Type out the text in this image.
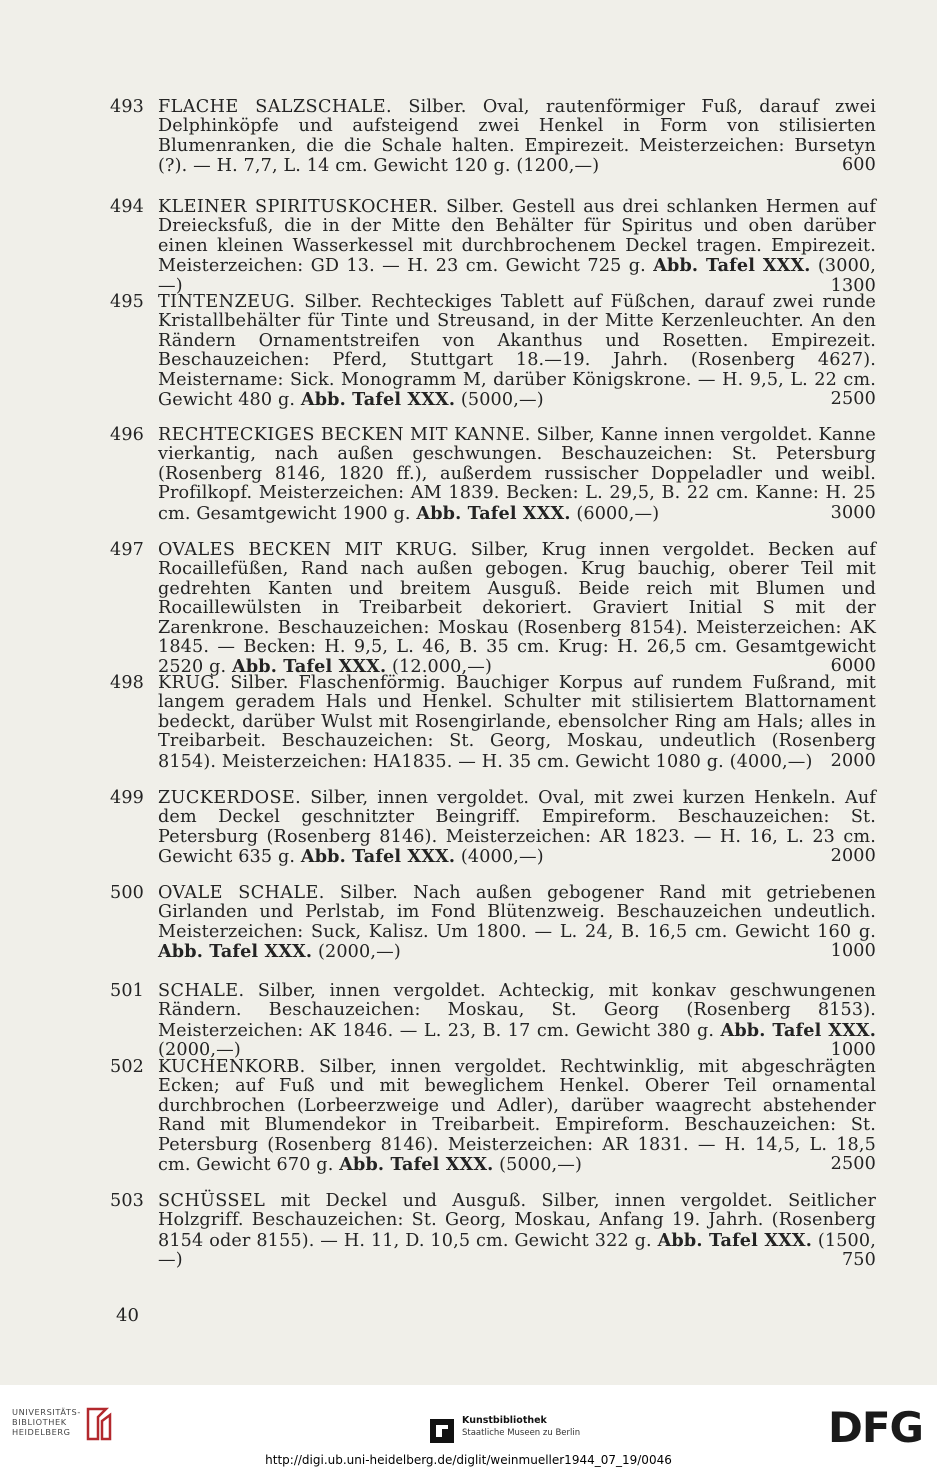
493 FLACHE SALZSCHALE. Silber. Oval, rautenförmiger Fuß, darauf zwei Delphinköpfe und aufsteigend zwei Henkel in Form von stilisierten Blumenranken, die die Schale halten. Empirezeit. Meisterzeichen: Bursetyn (?). — H. 7,7, L. 14 cm. Gewicht 120 g. (1200,—)	600
494 KLEINER SPIRITUSKOCHER. Silber. Gestell aus drei schlanken Hermen auf Dreiecksfuß, die in der Mitte den Behälter für Spiritus und oben darüber einen kleinen Wasserkessel mit durchbrochenem Deckel tragen. Empirezeit. Meisterzeichen: GD 13. — H. 23 cm. Gewicht 725 g. Abb. Tafel XXX. (3000,—)	1300
495 TINTENZEUG. Silber. Rechteckiges Tablett auf Füßchen, darauf zwei runde Kristallbehälter für Tinte und Streusand, in der Mitte Kerzenleuchter. An den Rändern Ornamentstreifen von Akanthus und Rosetten. Empirezeit. Beschauzeichen: Pferd, Stuttgart 18.—19. Jahrh. (Rosenberg 4627). Meistername: Sick. Monogramm M, darüber Königskrone. — H. 9,5, L. 22 cm. Gewicht 480 g. Abb. Tafel XXX. (5000,—)	2500
496 RECHTECKIGES BECKEN MIT KANNE. Silber, Kanne innen vergoldet. Kanne vierkantig, nach außen geschwungen. Beschauzeichen: St. Petersburg (Rosenberg 8146, 1820 ff.), außerdem russischer Doppeladler und weibl. Profilkopf. Meisterzeichen: AM 1839. Becken: L. 29,5, B. 22 cm. Kanne: H. 25 cm. Gesamtgewicht 1900 g. Abb. Tafel XXX. (6000,—)	3000
497 OVALES BECKEN MIT KRUG. Silber, Krug innen vergoldet. Becken auf Rocaillefüßen, Rand nach außen gebogen. Krug bauchig, oberer Teil mit gedrehten Kanten und breitem Ausguß. Beide reich mit Blumen und Rocaillewülsten in Treibarbeit dekoriert. Graviert Initial S mit der Zarenkrone. Beschauzeichen: Moskau (Rosenberg 8154). Meisterzeichen: AK 1845. — Becken: H. 9,5, L. 46, B. 35 cm. Krug: H. 26,5 cm. Gesamtgewicht 2520 g. Abb. Tafel XXX. (12.000,—)	6000
498 KRUG. Silber. Flaschenförmig. Bauchiger Korpus auf rundem Fußrand, mit langem geradem Hals und Henkel. Schulter mit stilisiertem Blattornament bedeckt, darüber Wulst mit Rosengirlande, ebensolcher Ring am Hals; alles in Treibarbeit. Beschauzeichen: St. Georg, Moskau, undeutlich (Rosenberg 8154). Meisterzeichen: HA1835. — H. 35 cm. Gewicht 1080 g. (4000,—) 2000
499 ZUCKERDOSE. Silber, innen vergoldet. Oval, mit zwei kurzen Henkeln. Auf dem Deckel geschnitzter Beingriff. Empireform. Beschauzeichen: St. Petersburg (Rosenberg 8146). Meisterzeichen: AR 1823. — H. 16, L. 23 cm. Gewicht 635 g. Abb. Tafel XXX. (4000,—)	2000
500 OVALE SCHALE. Silber. Nach außen gebogener Rand mit getriebenen Girlanden und Perlstab, im Fond Blütenzweig. Beschauzeichen undeutlich. Meisterzeichen: Suck, Kalisz. Um 1800. — L. 24, B. 16,5 cm. Gewicht 160 g. Abb. Tafel XXX. (2000,—)	1000
501 SCHALE. Silber, innen vergoldet. Achteckig, mit konkav geschwungenen Rändern. Beschauzeichen: Moskau, St. Georg (Rosenberg 8153). Meisterzeichen: AK 1846. — L. 23, B. 17 cm. Gewicht 380 g. Abb. Tafel XXX. (2000,—)	1000
502 KUCHENKORB. Silber, innen vergoldet. Rechtwinklig, mit abgeschrägten Ecken; auf Fuß und mit beweglichem Henkel. Oberer Teil ornamental durchbrochen (Lorbeerzweige und Adler), darüber waagrecht abstehender Rand mit Blumendekor in Treibarbeit. Empireform. Beschauzeichen: St. Petersburg (Rosenberg 8146). Meisterzeichen: AR 1831. — H. 14,5, L. 18,5 cm. Gewicht 670 g. Abb. Tafel XXX. (5000,—)	2500
503 SCHÜSSEL mit Deckel und Ausguß. Silber, innen vergoldet. Seitlicher Holzgriff. Beschauzeichen: St. Georg, Moskau, Anfang 19. Jahrh. (Rosenberg 8154 oder 8155). — H. 11, D. 10,5 cm. Gewicht 322 g. Abb. Tafel XXX. (1500,—)	750
40
UNIVERSITÄTS-
BIBLIOTHEK
HEIDELBERG
Kunstbibliothek
Staatliche Museen zu Berlin	DFG
http://digi.ub.uni-heidelberg.de/diglit/weinmueller1944_07_19/0046
